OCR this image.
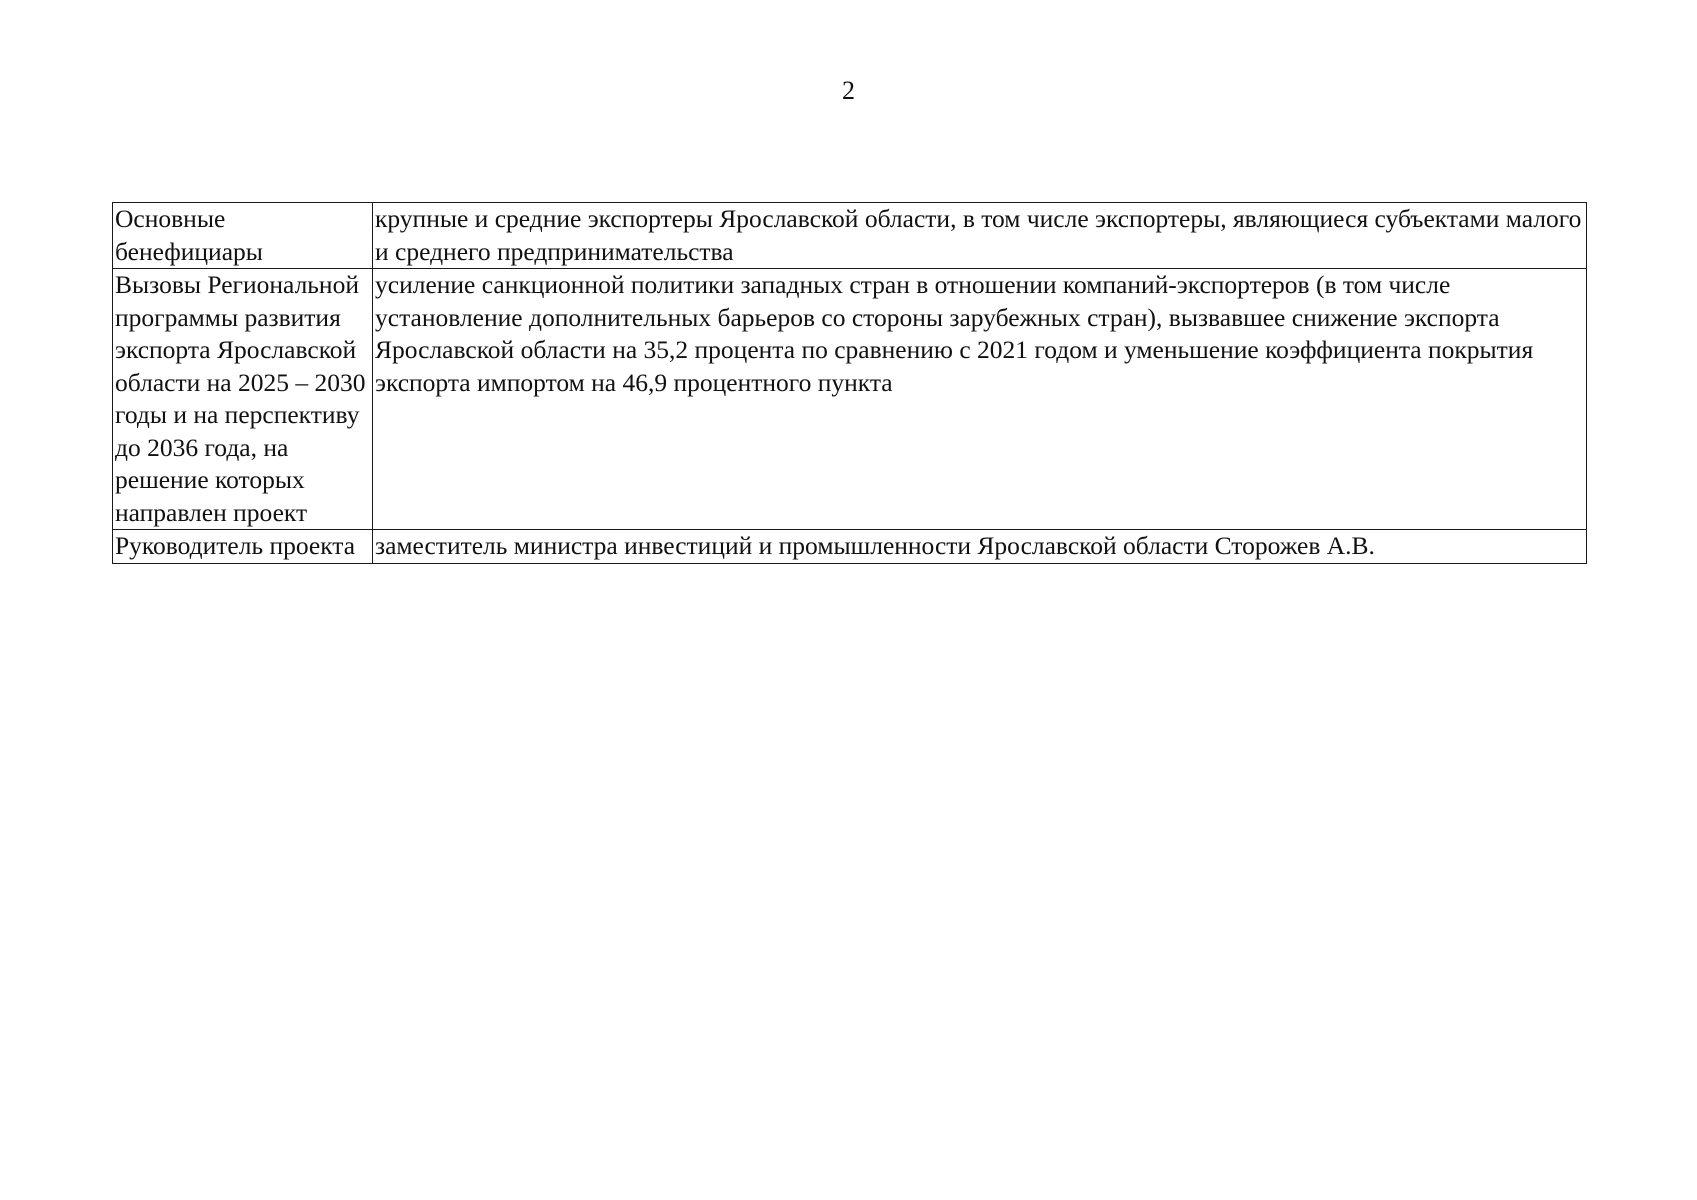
2
Основные бенефициары	крупные и средние экспортеры Ярославской области, в том числе экспортеры, являющиеся субъектами малого и среднего предпринимательства

Вызовы Региональной программы развития экспорта Ярославской области на 2025 – 2030 годы и на перспективу до 2036 года, на решение которых направлен проект	усиление санкционной политики западных стран в отношении компаний-экспортеров (в том числе установление дополнительных барьеров со стороны зарубежных стран), вызвавшее снижение экспорта Ярославской области на 35,2 процента по сравнению с 2021 годом и уменьшение коэффициента покрытия экспорта импортом на 46,9 процентного пункта

Руководитель проекта	заместитель министра инвестиций и промышленности Ярославской области Сторожев А.В.
